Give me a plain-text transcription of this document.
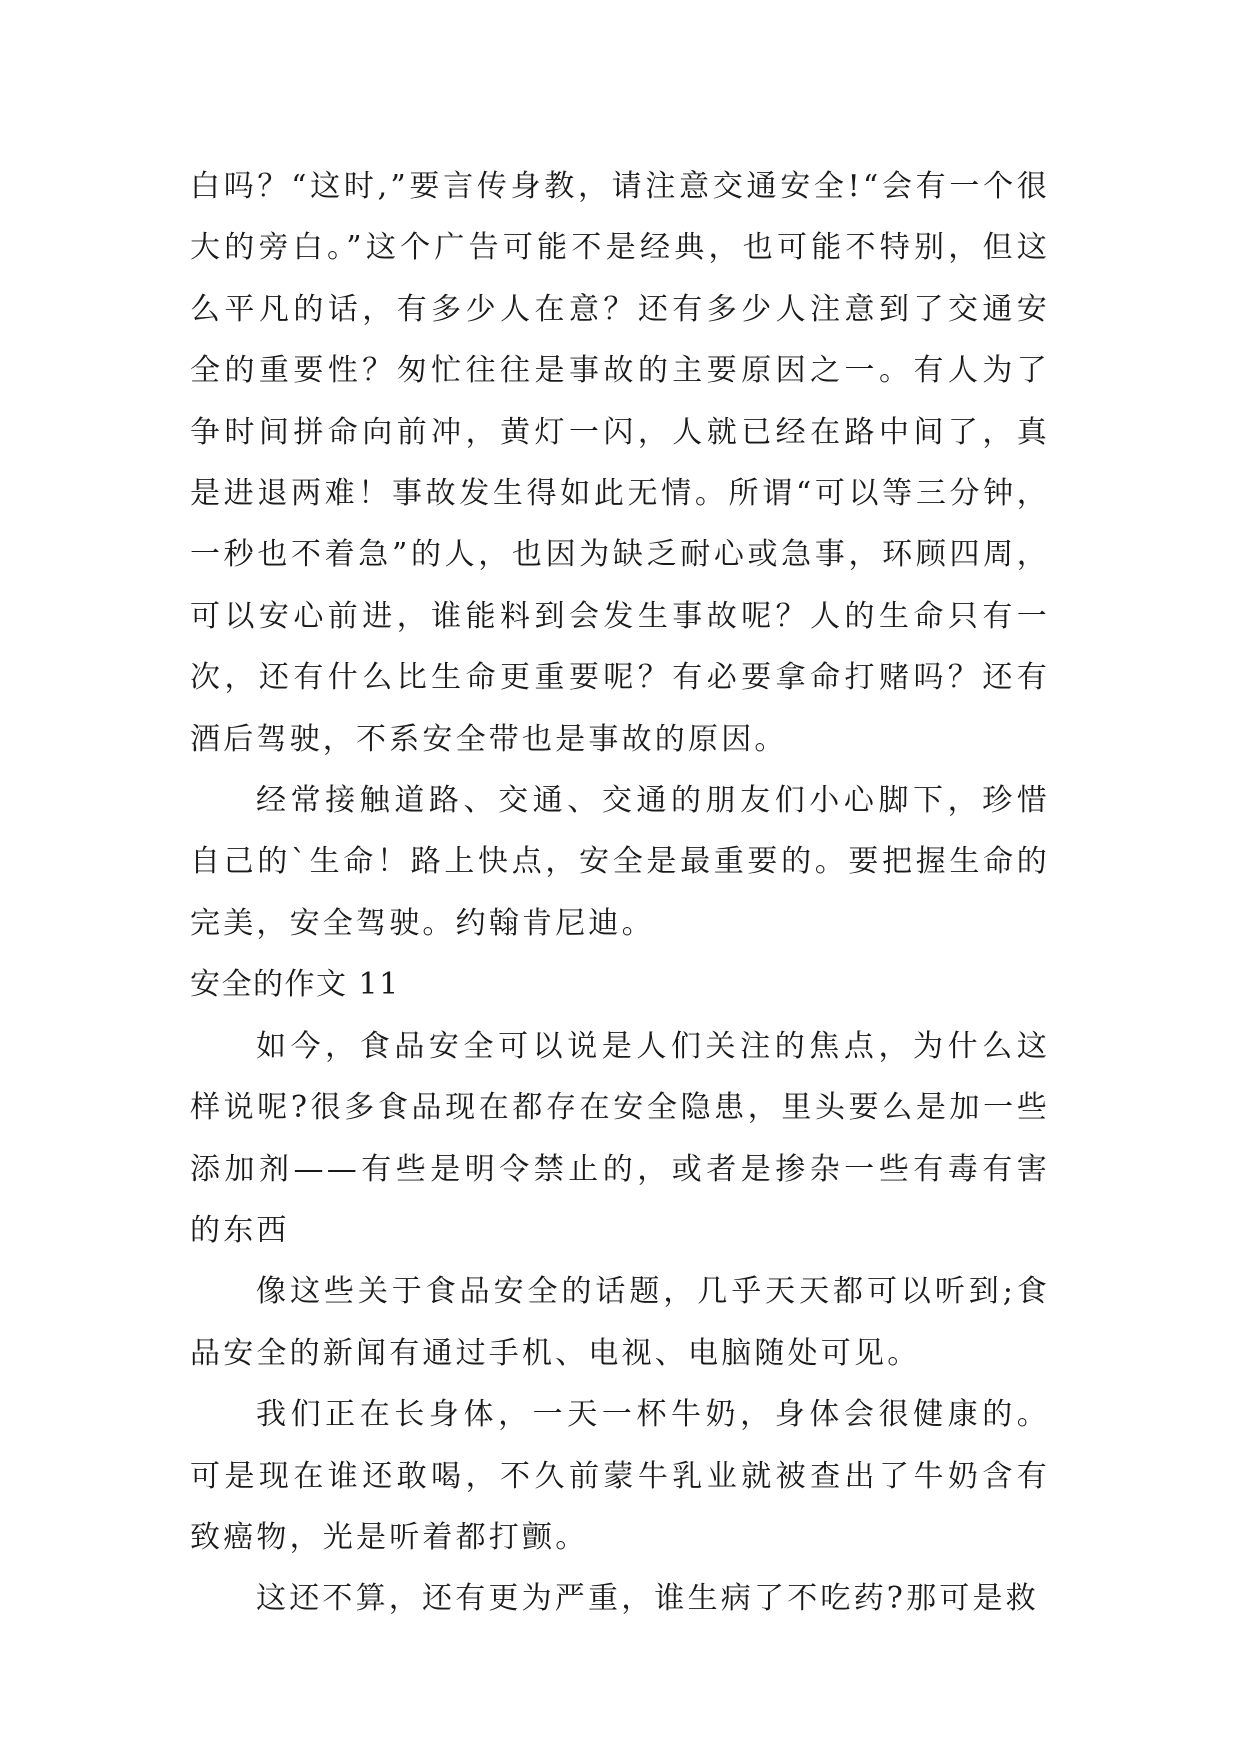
白吗？“这时,”要言传身教，请注意交通安全!“会有一个很大的旁白。”这个广告可能不是经典，也可能不特别，但这么平凡的话，有多少人在意？还有多少人注意到了交通安全的重要性？匆忙往往是事故的主要原因之一。有人为了争时间拼命向前冲，黄灯一闪，人就已经在路中间了，真是进退两难！事故发生得如此无情。所谓“可以等三分钟，一秒也不着急”的人，也因为缺乏耐心或急事，环顾四周，可以安心前进，谁能料到会发生事故呢？人的生命只有一次，还有什么比生命更重要呢？有必要拿命打赌吗？还有酒后驾驶，不系安全带也是事故的原因。

经常接触道路、交通、交通的朋友们小心脚下，珍惜自己的`生命！路上快点，安全是最重要的。要把握生命的完美，安全驾驶。约翰肯尼迪。

安全的作文 11

如今，食品安全可以说是人们关注的焦点，为什么这样说呢?很多食品现在都存在安全隐患，里头要么是加一些添加剂——有些是明令禁止的，或者是掺杂一些有毒有害的东西

像这些关于食品安全的话题，几乎天天都可以听到;食品安全的新闻有通过手机、电视、电脑随处可见。

我们正在长身体，一天一杯牛奶，身体会很健康的。可是现在谁还敢喝，不久前蒙牛乳业就被查出了牛奶含有致癌物，光是听着都打颤。

这还不算，还有更为严重，谁生病了不吃药?那可是救
